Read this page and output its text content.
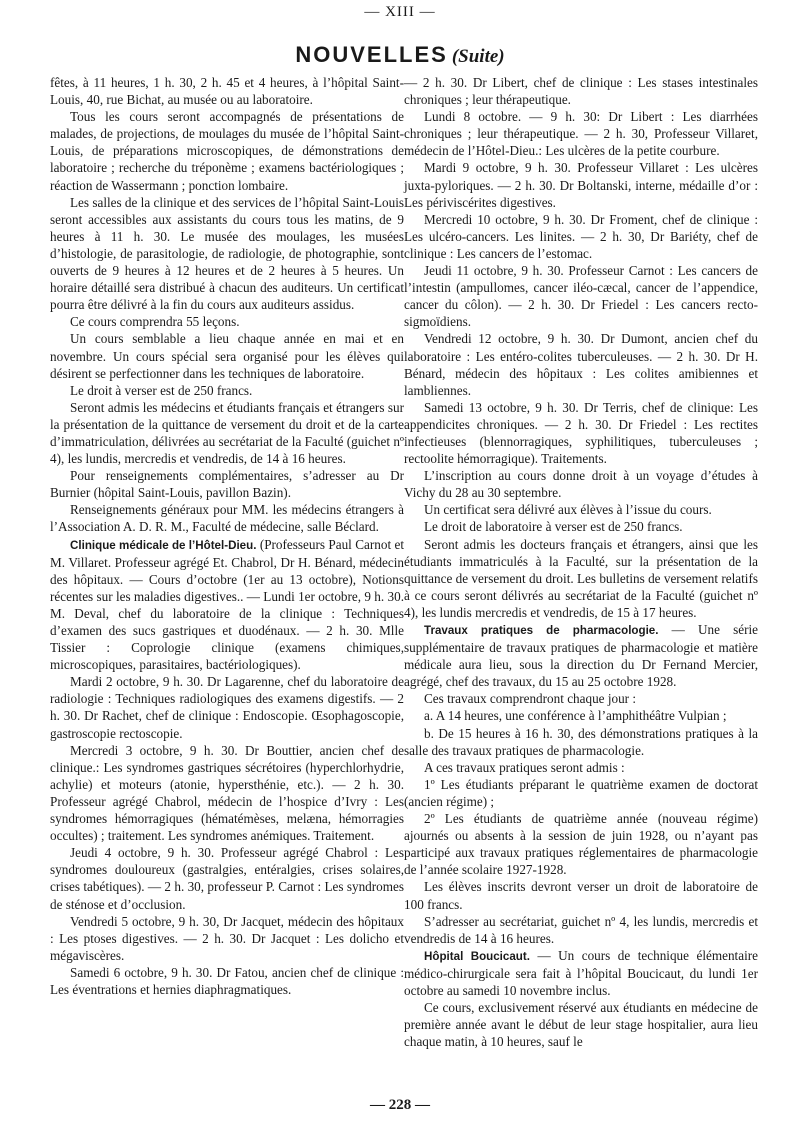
— XIII —
NOUVELLES (Suite)

fêtes, à 11 heures, 1 h. 30, 2 h. 45 et 4 heures, à l’hôpital Saint-Louis, 40, rue Bichat, au musée ou au laboratoire.

Tous les cours seront accompagnés de présentations de malades, de projections, de moulages du musée de l’hôpital Saint-Louis, de préparations microscopiques, de démonstrations de laboratoire ; recherche du tréponème ; examens bactériologiques ; réaction de Wassermann ; ponction lombaire.

Les salles de la clinique et des services de l’hôpital Saint-Louis seront accessibles aux assistants du cours tous les matins, de 9 heures à 11 h. 30. Le musée des moulages, les musées d’histologie, de parasitologie, de radiologie, de photographie, sont ouverts de 9 heures à 12 heures et de 2 heures à 5 heures. Un horaire détaillé sera distribué à chacun des auditeurs. Un certificat pourra être délivré à la fin du cours aux auditeurs assidus.

Ce cours comprendra 55 leçons.

Un cours semblable a lieu chaque année en mai et en novembre. Un cours spécial sera organisé pour les élèves qui désirent se perfectionner dans les techniques de laboratoire.

Le droit à verser est de 250 francs.

Seront admis les médecins et étudiants français et étrangers sur la présentation de la quittance de versement du droit et de la carte d’immatriculation, délivrées au secrétariat de la Faculté (guichet nº 4), les lundis, mercredis et vendredis, de 14 à 16 heures.

Pour renseignements complémentaires, s’adresser au Dr Burnier (hôpital Saint-Louis, pavillon Bazin).

Renseignements généraux pour MM. les médecins étrangers à l’Association A. D. R. M., Faculté de médecine, salle Béclard.

Clinique médicale de l’Hôtel-Dieu. (Professeurs Paul Carnot et M. Villaret. Professeur agrégé Et. Chabrol, Dr H. Bénard, médecin des hôpitaux. — Cours d’octobre (1er au 13 octobre), Notions récentes sur les maladies digestives.. — Lundi 1er octobre, 9 h. 30. M. Deval, chef du laboratoire de la clinique : Techniques d’examen des sucs gastriques et duodénaux. — 2 h. 30. Mlle Tissier : Coprologie clinique (examens chimiques, microscopiques, parasitaires, bactériologiques).

Mardi 2 octobre, 9 h. 30. Dr Lagarenne, chef du laboratoire de radiologie : Techniques radiologiques des examens digestifs. — 2 h. 30. Dr Rachet, chef de clinique : Endoscopie. Œsophagoscopie, gastroscopie rectoscopie.

Mercredi 3 octobre, 9 h. 30. Dr Bouttier, ancien chef de clinique.: Les syndromes gastriques sécrétoires (hyperchlorhydrie, achylie) et moteurs (atonie, hypersthénie, etc.). — 2 h. 30. Professeur agrégé Chabrol, médecin de l’hospice d’Ivry : Les syndromes hémorragiques (hématémèses, melæna, hémorragies occultes) ; traitement. Les syndromes anémiques. Traitement.

Jeudi 4 octobre, 9 h. 30. Professeur agrégé Chabrol : Les syndromes douloureux (gastralgies, entéralgies, crises solaires, crises tabétiques). — 2 h. 30, professeur P. Carnot : Les syndromes de sténose et d’occlusion.

Vendredi 5 octobre, 9 h. 30, Dr Jacquet, médecin des hôpitaux : Les ptoses digestives. — 2 h. 30. Dr Jacquet : Les dolicho et mégaviscères.

Samedi 6 octobre, 9 h. 30. Dr Fatou, ancien chef de clinique : Les éventrations et hernies diaphragmatiques.

— 2 h. 30. Dr Libert, chef de clinique : Les stases intestinales chroniques ; leur thérapeutique.

Lundi 8 octobre. — 9 h. 30: Dr Libert : Les diarrhées chroniques ; leur thérapeutique. — 2 h. 30, Professeur Villaret, médecin de l’Hôtel-Dieu.: Les ulcères de la petite courbure.

Mardi 9 octobre, 9 h. 30. Professeur Villaret : Les ulcères juxta-pyloriques. — 2 h. 30. Dr Boltanski, interne, médaille d’or : Les périviscérites digestives.

Mercredi 10 octobre, 9 h. 30. Dr Froment, chef de clinique : Les ulcéro-cancers. Les linites. — 2 h. 30, Dr Bariéty, chef de clinique : Les cancers de l’estomac.

Jeudi 11 octobre, 9 h. 30. Professeur Carnot : Les cancers de l’intestin (ampullomes, cancer iléo-cæcal, cancer de l’appendice, cancer du côlon). — 2 h. 30. Dr Friedel : Les cancers recto-sigmoïdiens.

Vendredi 12 octobre, 9 h. 30. Dr Dumont, ancien chef du laboratoire : Les entéro-colites tuberculeuses. — 2 h. 30. Dr H. Bénard, médecin des hôpitaux : Les colites amibiennes et lambliennes.

Samedi 13 octobre, 9 h. 30. Dr Terris, chef de clinique: Les appendicites chroniques. — 2 h. 30. Dr Friedel : Les rectites infectieuses (blennorragiques, syphilitiques, tuberculeuses ; rectoolite hémorragique). Traitements.

L’inscription au cours donne droit à un voyage d’études à Vichy du 28 au 30 septembre.

Un certificat sera délivré aux élèves à l’issue du cours.

Le droit de laboratoire à verser est de 250 francs.

Seront admis les docteurs français et étrangers, ainsi que les étudiants immatriculés à la Faculté, sur la présentation de la quittance de versement du droit. Les bulletins de versement relatifs à ce cours seront délivrés au secrétariat de la Faculté (guichet nº 4), les lundis mercredis et vendredis, de 15 à 17 heures.

Travaux pratiques de pharmacologie. — Une série supplémentaire de travaux pratiques de pharmacologie et matière médicale aura lieu, sous la direction du Dr Fernand Mercier, agrégé, chef des travaux, du 15 au 25 octobre 1928.

Ces travaux comprendront chaque jour :

a. A 14 heures, une conférence à l’amphithéâtre Vulpian ;

b. De 15 heures à 16 h. 30, des démonstrations pratiques à la salle des travaux pratiques de pharmacologie.

A ces travaux pratiques seront admis :

1º Les étudiants préparant le quatrième examen de doctorat (ancien régime) ;

2º Les étudiants de quatrième année (nouveau régime) ajournés ou absents à la session de juin 1928, ou n’ayant pas participé aux travaux pratiques réglementaires de pharmacologie de l’année scolaire 1927-1928.

Les élèves inscrits devront verser un droit de laboratoire de 100 francs.

S’adresser au secrétariat, guichet nº 4, les lundis, mercredis et vendredis de 14 à 16 heures.

Hôpital Boucicaut. — Un cours de technique élémentaire médico-chirurgicale sera fait à l’hôpital Boucicaut, du lundi 1er octobre au samedi 10 novembre inclus.

Ce cours, exclusivement réservé aux étudiants en médecine de première année avant le début de leur stage hospitalier, aura lieu chaque matin, à 10 heures, sauf le

— 228 —
